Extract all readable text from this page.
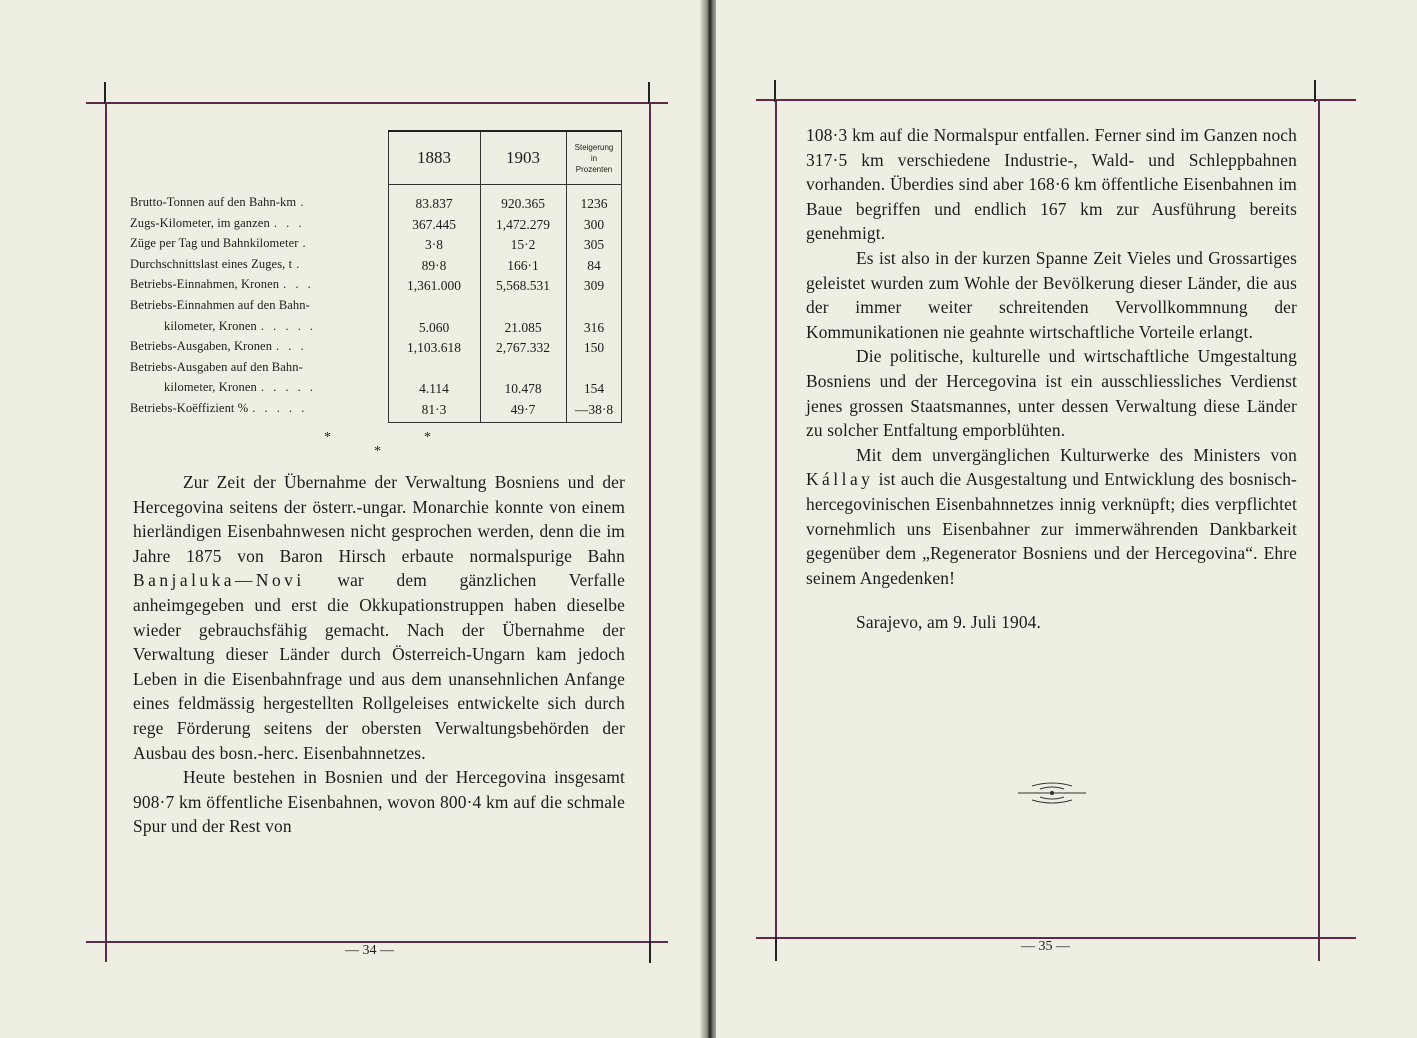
Brutto-Tonnen auf den Bahn-km .
Zugs-Kilometer, im ganzen . . .
Züge per Tag und Bahnkilometer .
Durchschnittslast eines Zuges, t .
Betriebs-Einnahmen, Kronen . . .
Betriebs-Einnahmen auf den Bahn-
kilometer, Kronen . . . . .
Betriebs-Ausgaben, Kronen . . .
Betriebs-Ausgaben auf den Bahn-
kilometer, Kronen . . . . .
Betriebs-Koëffizient % . . . . .
1883	1903
Steigerung
in
Prozenten
83.837
367.445
3·8
89·8
1,361.000
5.060
1,103.618
4.114
81·3
920.365
1,472.279
15·2
166·1
5,568.531
21.085
2,767.332
10.478
49·7
1236
300
305
84
309
316
150
154
—38·8
*
*
*

Zur Zeit der Übernahme der Verwaltung Bosniens und der Hercegovina seitens der österr.-ungar. Monarchie konnte von einem hierländigen Eisenbahnwesen nicht gesprochen werden, denn die im Jahre 1875 von Baron Hirsch erbaute normalspurige Bahn Banjaluka—Novi war dem gänzlichen Verfalle anheimgegeben und erst die Okkupationstruppen haben dieselbe wieder gebrauchsfähig gemacht. Nach der Übernahme der Verwaltung dieser Länder durch Österreich-Ungarn kam jedoch Leben in die Eisenbahnfrage und aus dem unansehnlichen Anfange eines feldmässig hergestellten Rollgeleises entwickelte sich durch rege Förderung seitens der obersten Verwaltungsbehörden der Ausbau des bosn.-herc. Eisenbahnnetzes.

Heute bestehen in Bosnien und der Hercegovina insgesamt 908·7 km öffentliche Eisenbahnen, wovon 800·4 km auf die schmale Spur und der Rest von

— 34 —

108·3 km auf die Normalspur entfallen. Ferner sind im Ganzen noch 317·5 km verschiedene Industrie-, Wald- und Schleppbahnen vorhanden. Überdies sind aber 168·6 km öffentliche Eisenbahnen im Baue begriffen und endlich 167 km zur Ausführung bereits genehmigt.

Es ist also in der kurzen Spanne Zeit Vieles und Grossartiges geleistet wurden zum Wohle der Bevölkerung dieser Länder, die aus der immer weiter schreitenden Vervollkommnung der Kommunikationen nie geahnte wirtschaftliche Vorteile erlangt.

Die politische, kulturelle und wirtschaftliche Umgestaltung Bosniens und der Hercegovina ist ein ausschliessliches Verdienst jenes grossen Staatsmannes, unter dessen Verwaltung diese Länder zu solcher Entfaltung emporblühten.

Mit dem unvergänglichen Kulturwerke des Ministers von Kállay ist auch die Ausgestaltung und Entwicklung des bosnisch-hercegovinischen Eisenbahnnetzes innig verknüpft; dies verpflichtet vornehmlich uns Eisenbahner zur immerwährenden Dankbarkeit gegenüber dem „Regenerator Bosniens und der Hercegovina“. Ehre seinem Angedenken!

Sarajevo, am 9. Juli 1904.

— 35 —
